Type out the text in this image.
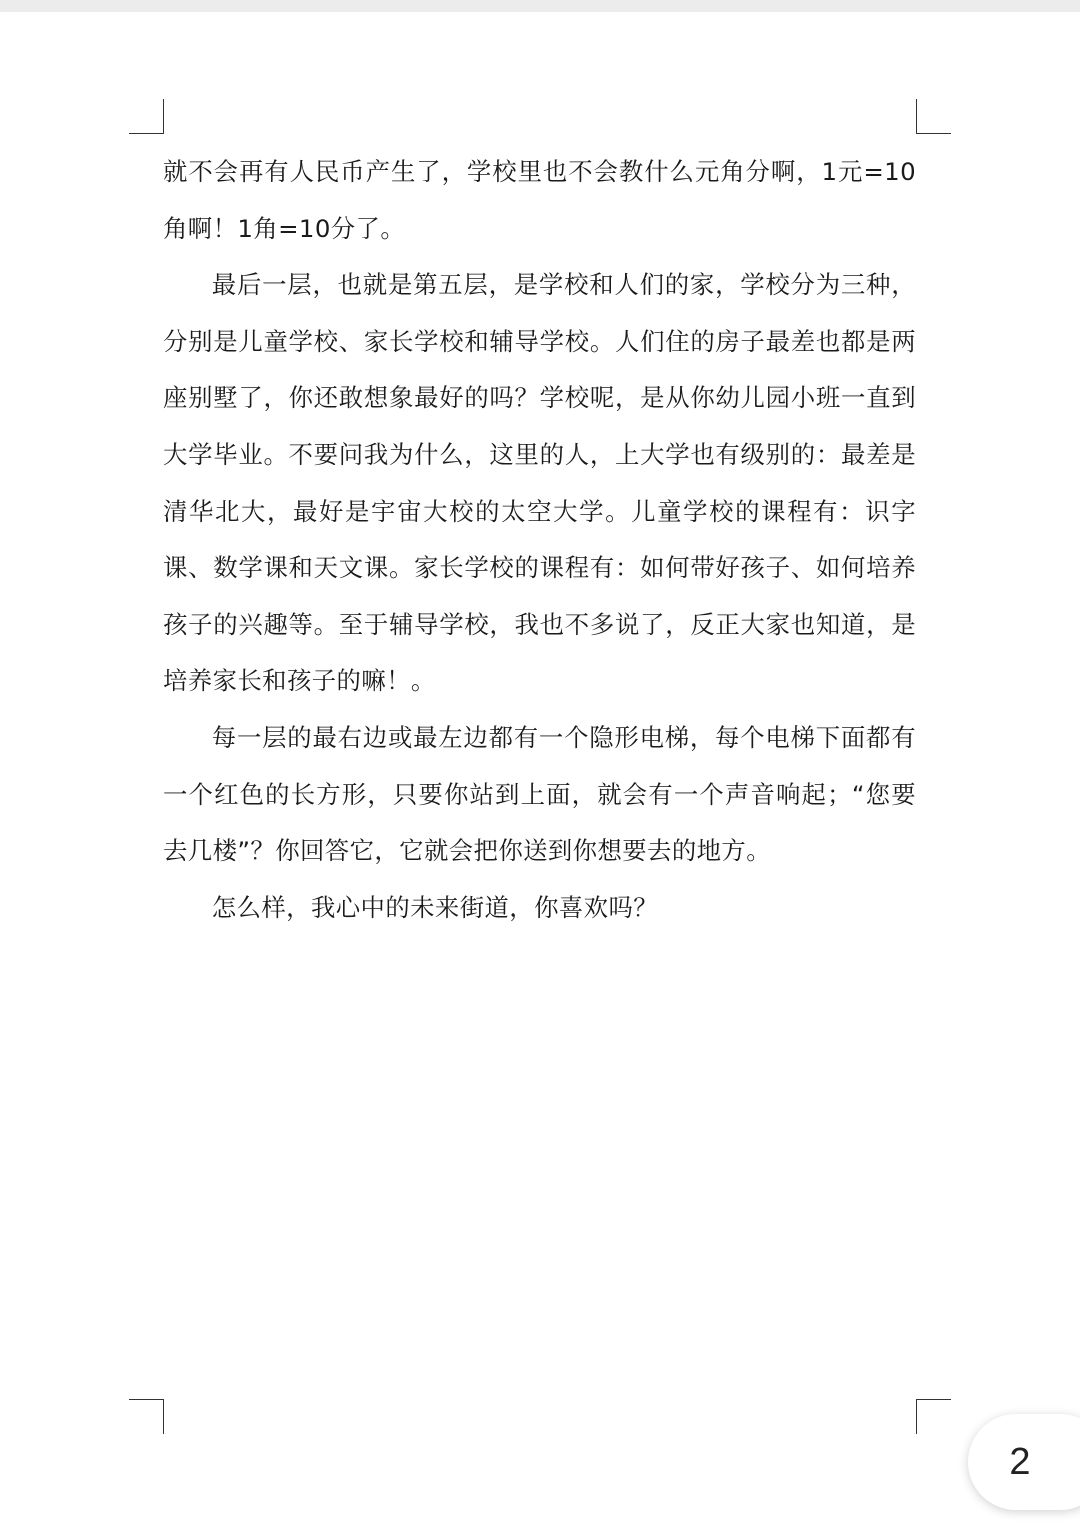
就不会再有人民币产生了，学校里也不会教什么元角分啊，1元=10角啊！1角=10分了。

最后一层，也就是第五层，是学校和人们的家，学校分为三种，分别是儿童学校、家长学校和辅导学校。人们住的房子最差也都是两座别墅了，你还敢想象最好的吗？学校呢，是从你幼儿园小班一直到大学毕业。不要问我为什么，这里的人，上大学也有级别的：最差是清华北大，最好是宇宙大校的太空大学。儿童学校的课程有：识字课、数学课和天文课。家长学校的课程有：如何带好孩子、如何培养孩子的兴趣等。至于辅导学校，我也不多说了，反正大家也知道，是培养家长和孩子的嘛！。

每一层的最右边或最左边都有一个隐形电梯，每个电梯下面都有一个红色的长方形，只要你站到上面，就会有一个声音响起；“您要去几楼”？你回答它，它就会把你送到你想要去的地方。

怎么样，我心中的未来街道，你喜欢吗？

2
